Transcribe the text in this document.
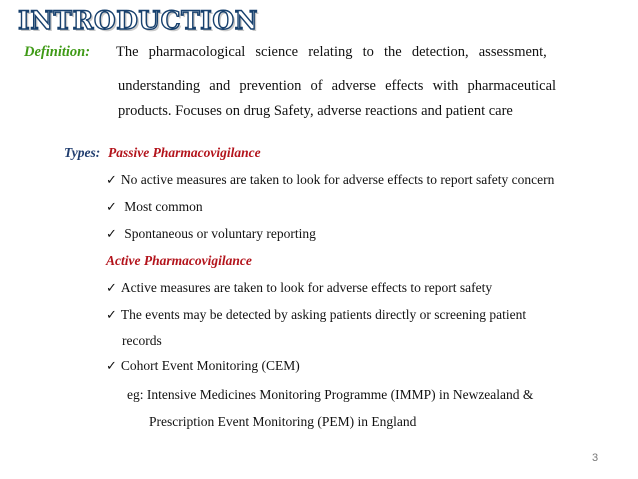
INTRODUCTION
Definition: The pharmacological science relating to the detection, assessment,
understanding and prevention of adverse effects with pharmaceutical
products. Focuses on drug Safety, adverse reactions and patient care
Types: Passive Pharmacovigilance
✓ No active measures are taken to look for adverse effects to report safety concern
✓ Most common
✓ Spontaneous or voluntary reporting
Active Pharmacovigilance
✓ Active measures are taken to look for adverse effects to report safety
✓ The events may be detected by asking patients directly or screening patient
records
✓ Cohort Event Monitoring (CEM)
eg: Intensive Medicines Monitoring Programme (IMMP) in Newzealand &
Prescription Event Monitoring (PEM) in England
3
